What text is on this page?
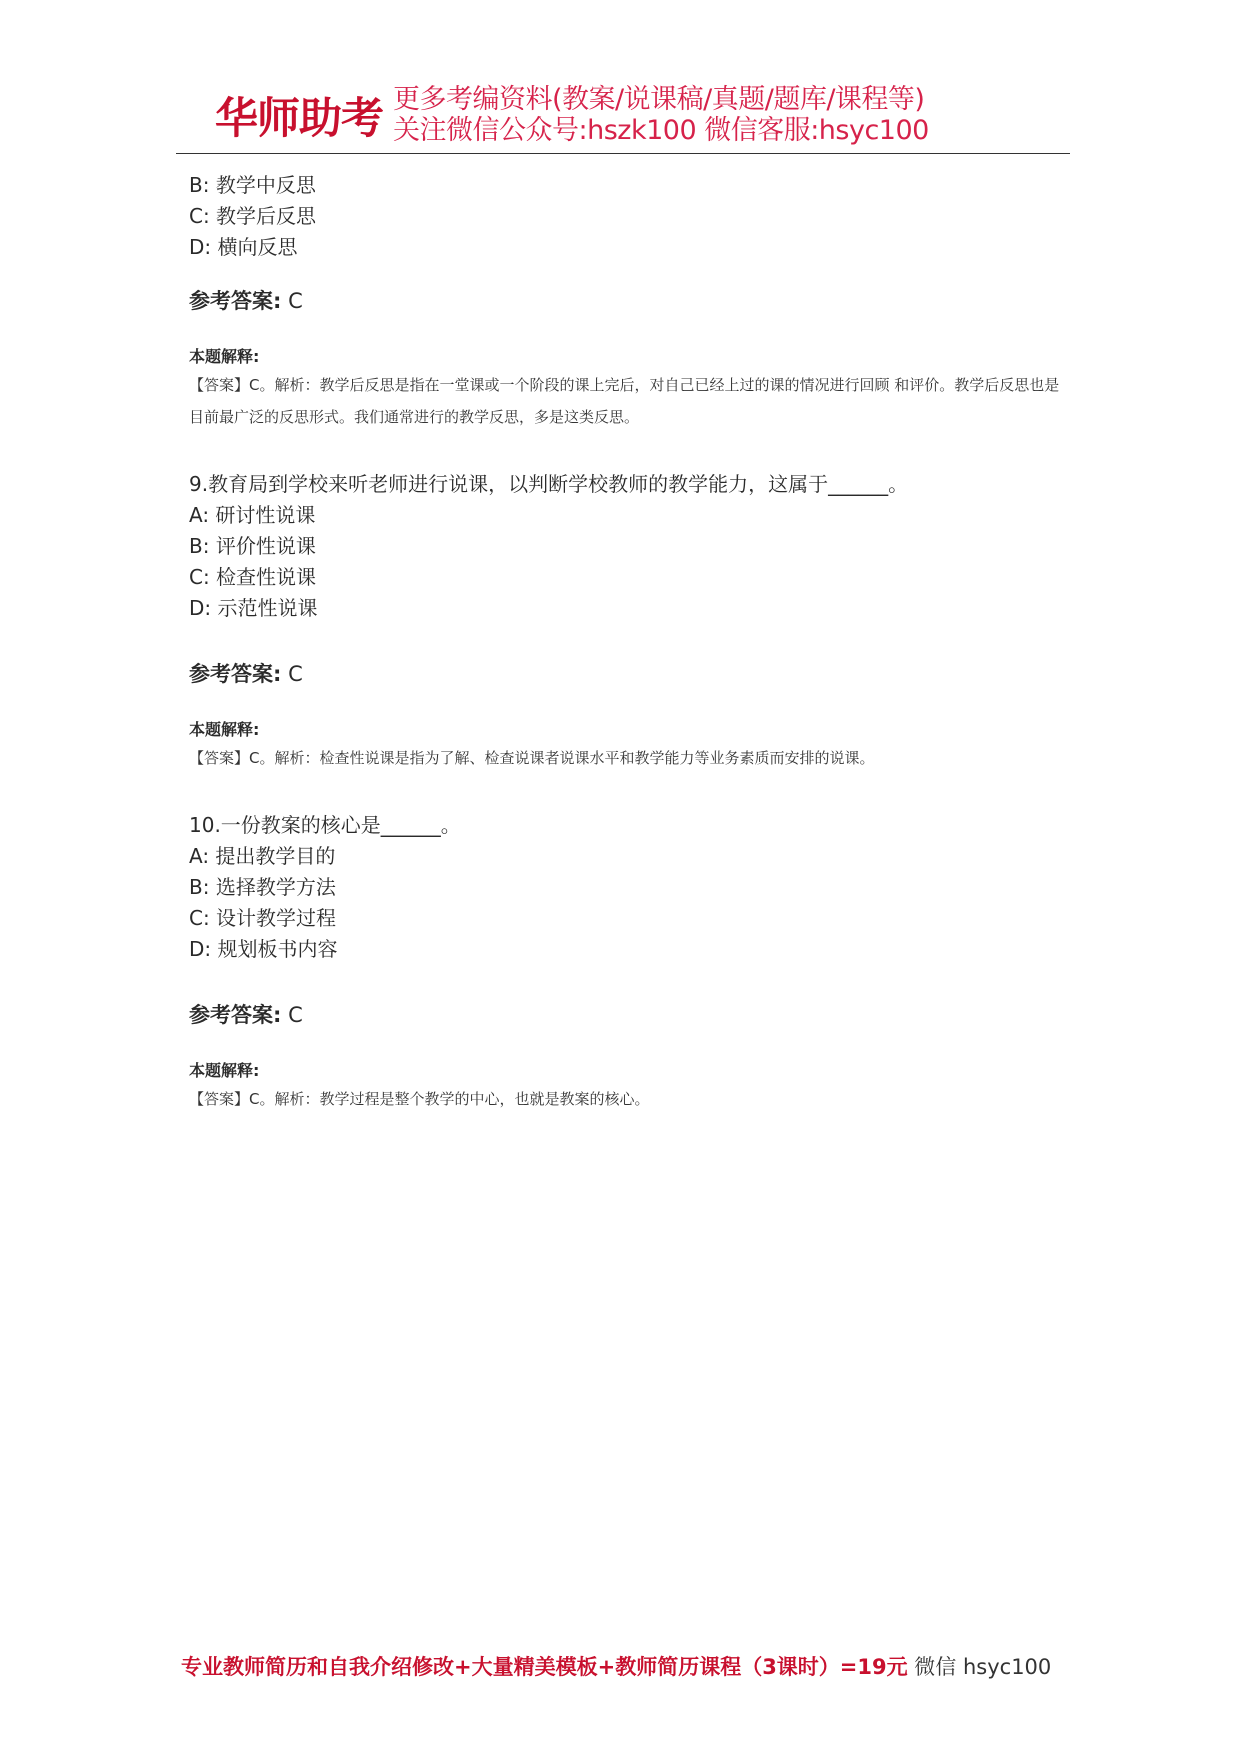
华师助考 更多考编资料(教案/说课稿/真题/题库/课程等)
关注微信公众号:hszk100 微信客服:hsyc100
B: 教学中反思
C: 教学后反思
D: 横向反思
参考答案: C
本题解释:
【答案】C。解析：教学后反思是指在一堂课或一个阶段的课上完后，对自己已经上过的课的情况进行回顾 和评价。教学后反思也是目前最广泛的反思形式。我们通常进行的教学反思，多是这类反思。
9.教育局到学校来听老师进行说课，以判断学校教师的教学能力，这属于______。
A: 研讨性说课
B: 评价性说课
C: 检查性说课
D: 示范性说课
参考答案: C
本题解释:
【答案】C。解析：检查性说课是指为了解、检查说课者说课水平和教学能力等业务素质而安排的说课。
10.一份教案的核心是______。
A: 提出教学目的
B: 选择教学方法
C: 设计教学过程
D: 规划板书内容
参考答案: C
本题解释:
【答案】C。解析：教学过程是整个教学的中心，也就是教案的核心。
专业教师简历和自我介绍修改+大量精美模板+教师简历课程（3课时）=19元 微信 hsyc100
